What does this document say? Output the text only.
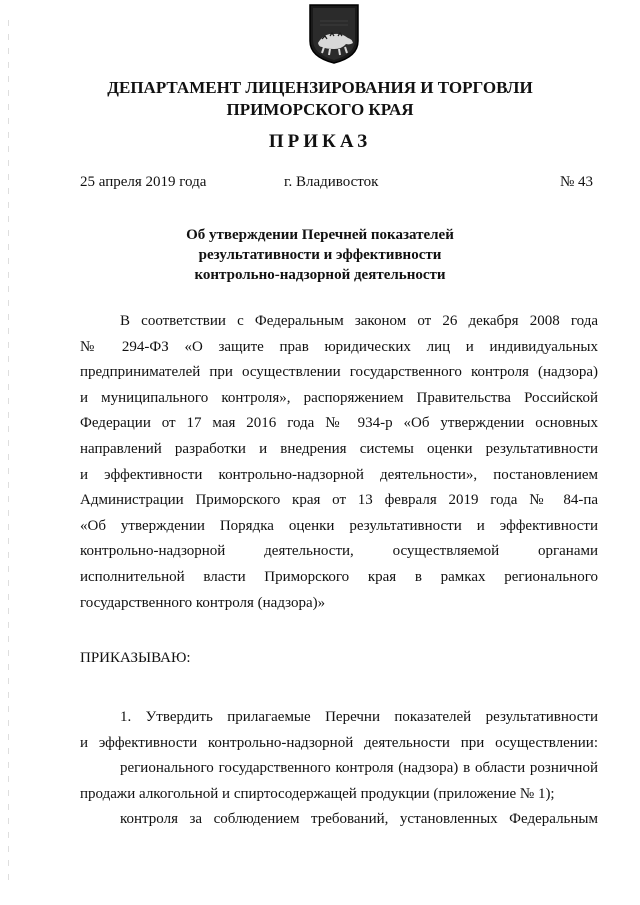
ДЕПАРТАМЕНТ ЛИЦЕНЗИРОВАНИЯ И ТОРГОВЛИ
ПРИМОРСКОГО КРАЯ
ПРИКАЗ
25 апреля 2019 года	г. Владивосток	№ 43
Об утверждении Перечней показателей
результативности и эффективности
контрольно-надзорной деятельности
В соответствии с Федеральным законом от 26 декабря 2008 года
№ 294-ФЗ «О защите прав юридических лиц и индивидуальных
предпринимателей при осуществлении государственного контроля (надзора)
и муниципального контроля», распоряжением Правительства Российской
Федерации от 17 мая 2016 года № 934-р «Об утверждении основных
направлений разработки и внедрения системы оценки результативности
и эффективности контрольно-надзорной деятельности», постановлением
Администрации Приморского края от 13 февраля 2019 года № 84-па
«Об утверждении Порядка оценки результативности и эффективности
контрольно-надзорной деятельности, осуществляемой органами
исполнительной власти Приморского края в рамках регионального
государственного контроля (надзора)»
ПРИКАЗЫВАЮ:
1. Утвердить прилагаемые Перечни показателей результативности
и эффективности контрольно-надзорной деятельности при осуществлении:
регионального государственного контроля (надзора) в области розничной
продажи алкогольной и спиртосодержащей продукции (приложение № 1);
контроля за соблюдением требований, установленных Федеральным
